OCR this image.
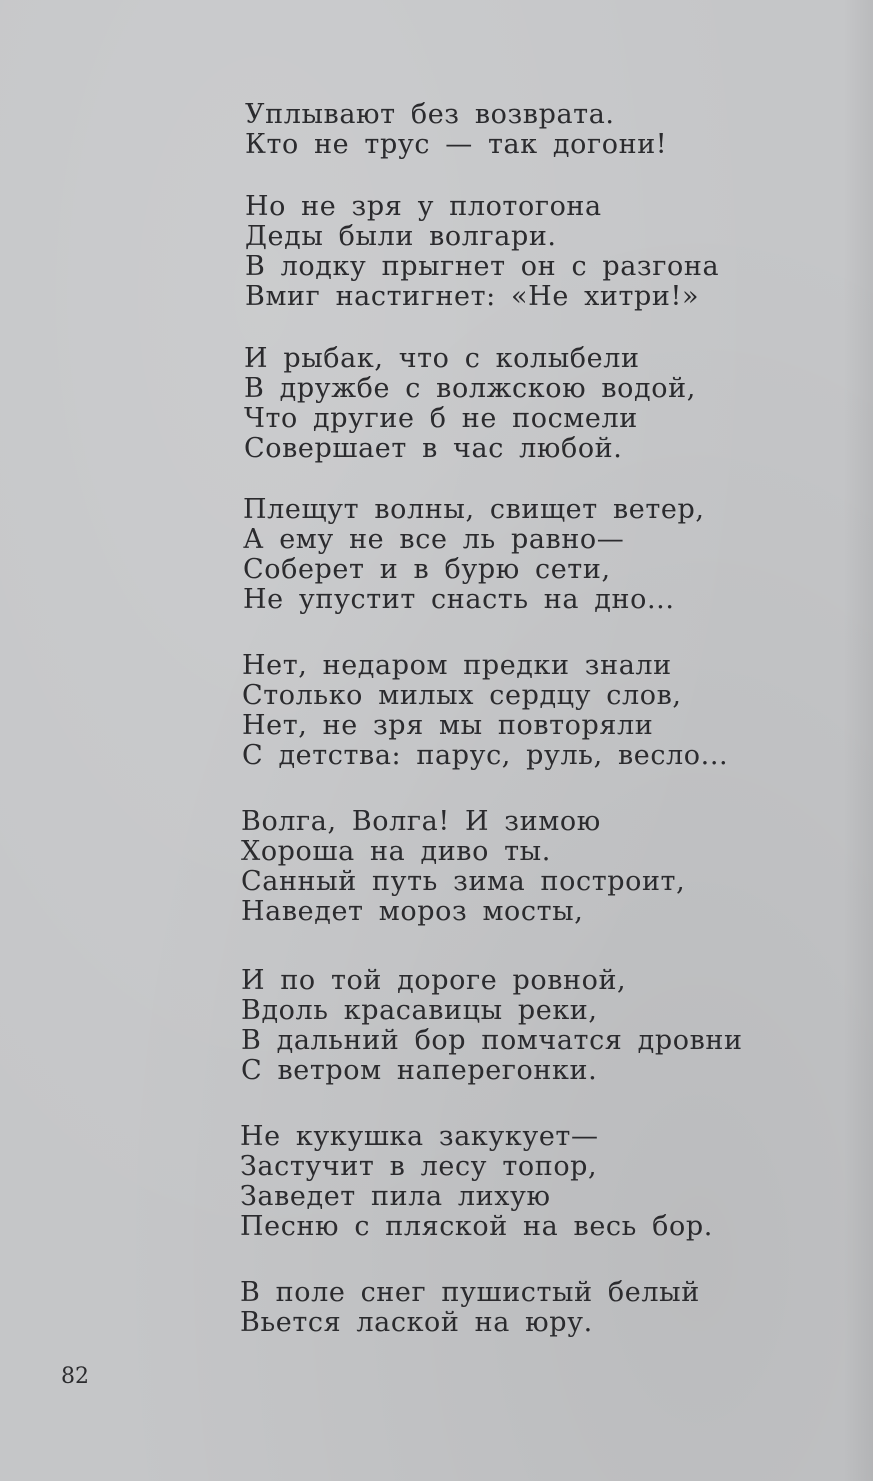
Уплывают без возврата.
Кто не трус — так догони!
Но не зря у плотогона
Деды были волгари.
В лодку прыгнет он с разгона
Вмиг настигнет: «Не хитри!»
И рыбак, что с колыбели
В дружбе с волжскою водой,
Что другие б не посмели
Совершает в час любой.
Плещут волны, свищет ветер,
А ему не все ль равно—
Соберет и в бурю сети,
Не упустит снасть на дно...
Нет, недаром предки знали
Столько милых сердцу слов,
Нет, не зря мы повторяли
С детства: парус, руль, весло...
Волга, Волга! И зимою
Хороша на диво ты.
Санный путь зима построит,
Наведет мороз мосты,
И по той дороге ровной,
Вдоль красавицы реки,
В дальний бор помчатся дровни
С ветром наперегонки.
Не кукушка закукует—
Застучит в лесу топор,
Заведет пила лихую
Песню с пляской на весь бор.
В поле снег пушистый белый
Вьется лаской на юру.
82
